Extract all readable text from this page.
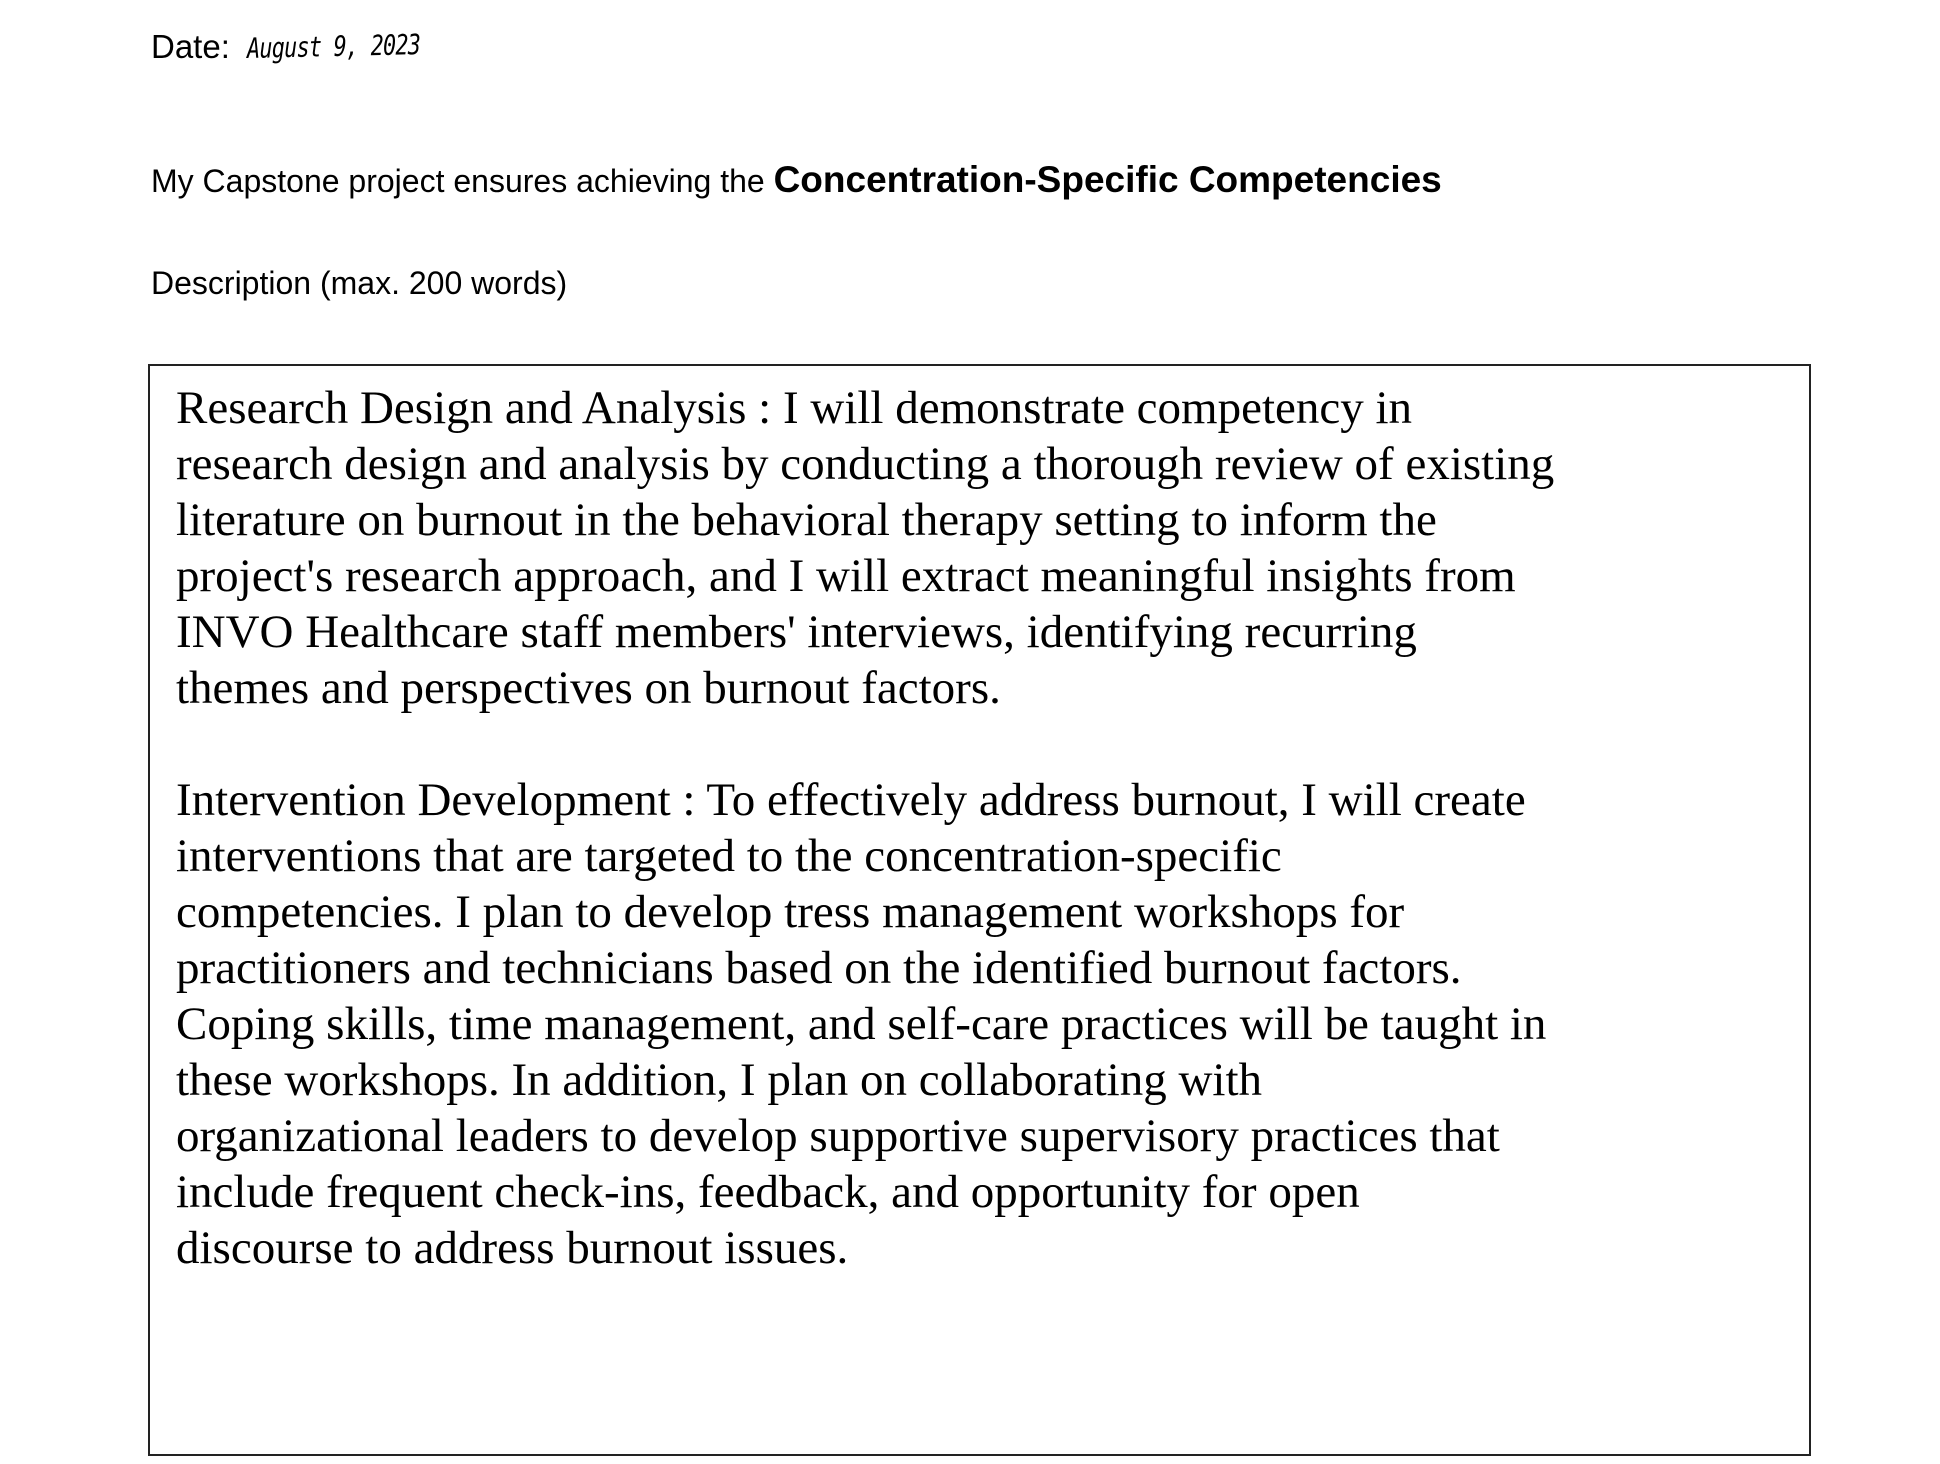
Date: August 9, 2023
My Capstone project ensures achieving the Concentration-Specific Competencies
Description (max. 200 words)

Research Design and Analysis : I will demonstrate competency in
research design and analysis by conducting a thorough review of existing
literature on burnout in the behavioral therapy setting to inform the
project's research approach, and I will extract meaningful insights from
INVO Healthcare staff members' interviews, identifying recurring
themes and perspectives on burnout factors.

Intervention Development : To effectively address burnout, I will create
interventions that are targeted to the concentration-specific
competencies. I plan to develop tress management workshops for
practitioners and technicians based on the identified burnout factors.
Coping skills, time management, and self-care practices will be taught in
these workshops. In addition, I plan on collaborating with
organizational leaders to develop supportive supervisory practices that
include frequent check-ins, feedback, and opportunity for open
discourse to address burnout issues.
